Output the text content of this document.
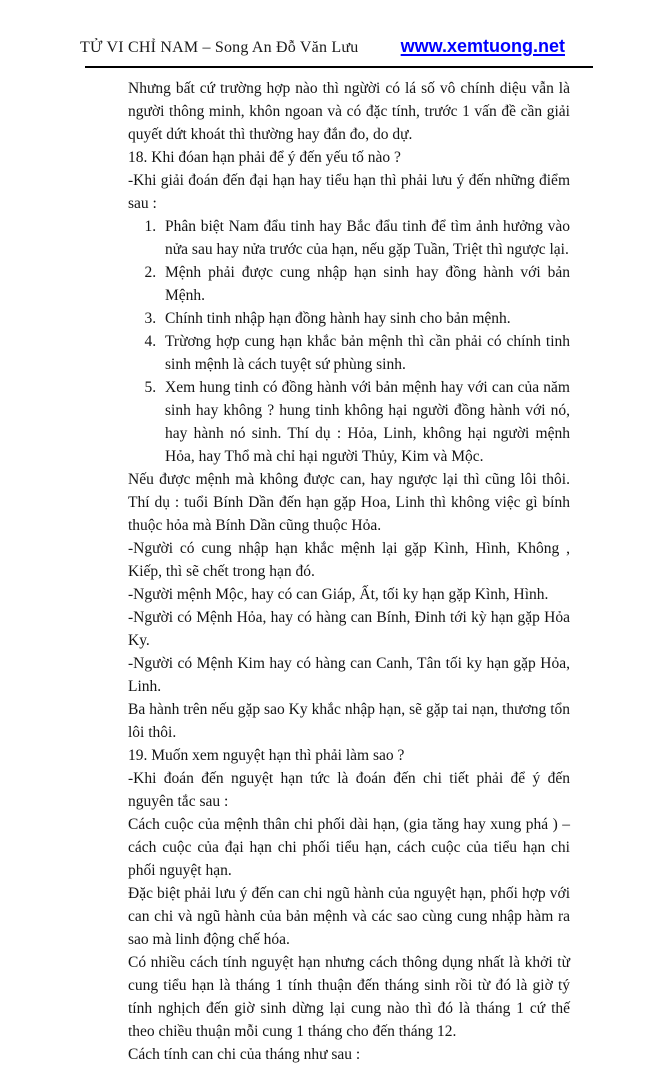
TỬ VI CHỈ NAM – Song An Đỗ Văn Lưu www.xemtuong.net

Nhưng bất cứ trường hợp nào thì ngừời có lá số vô chính diệu vẫn là người thông minh, khôn ngoan và có đặc tính, trước 1 vấn đề cần giải quyết dứt khoát thì thường hay đắn đo, do dự.

18. Khi đóan hạn phải để ý đến yếu tố nào ?

-Khi giải đoán đến đại hạn hay tiểu hạn thì phải lưu ý đến những điểm sau :

1. Phân biệt Nam đẩu tinh hay Bắc đẩu tinh để tìm ảnh hưởng vào nửa sau hay nửa trước của hạn, nếu gặp Tuần, Triệt thì ngược lại.
2. Mệnh phải được cung nhập hạn sinh hay đồng hành với bản Mệnh.
3. Chính tinh nhập hạn đồng hành hay sinh cho bản mệnh.
4. Trừơng hợp cung hạn khắc bản mệnh thì cần phải có chính tinh sinh mệnh là cách tuyệt sứ phùng sinh.
5. Xem hung tinh có đồng hành với bản mệnh hay với can của năm sinh hay không ? hung tinh không hại người đồng hành với nó, hay hành nó sinh. Thí dụ : Hỏa, Linh, không hại người mệnh Hỏa, hay Thổ mà chỉ hại người Thủy, Kim và Mộc.

Nếu được mệnh mà không được can, hay ngược lại thì cũng lôi thôi. Thí dụ : tuổi Bính Dần đến hạn gặp Hoa, Linh thì không việc gì bính thuộc hỏa mà Bính Dần cũng thuộc Hỏa.

-Người có cung nhập hạn khắc mệnh lại gặp Kình, Hình, Không , Kiếp, thì sẽ chết trong hạn đó.

-Người mệnh Mộc, hay có can Giáp, Ất, tối ky hạn gặp Kình, Hình.

-Người có Mệnh Hỏa, hay có hàng can Bính, Đinh tới kỳ hạn gặp Hỏa Ky.

-Người có Mệnh Kim hay có hàng can Canh, Tân tối ky hạn gặp Hỏa, Linh.

Ba hành trên nếu gặp sao Ky khắc nhập hạn, sẽ gặp tai nạn, thương tổn lôi thôi.

19. Muốn xem nguyệt hạn thì phải làm sao ?

-Khi đoán đến nguyệt hạn tức là đoán đến chi tiết phải để ý đến nguyên tắc sau :

Cách cuộc của mệnh thân chi phối dài hạn, (gia tăng hay xung phá ) –cách cuộc của đại hạn chi phối tiểu hạn, cách cuộc của tiểu hạn chi phối nguyệt hạn.

Đặc biệt phải lưu ý đến can chi ngũ hành của nguyệt hạn, phối hợp với can chi và ngũ hành của bản mệnh và các sao cùng cung nhập hàm ra sao mà linh động chế hóa.

Có nhiều cách tính nguyệt hạn nhưng cách thông dụng nhất là khởi từ cung tiểu hạn là tháng 1 tính thuận đến tháng sinh rồi từ đó là giờ tý tính nghịch đến giờ sinh dừng lại cung nào thì đó là tháng 1 cứ thế theo chiều thuận mỗi cung 1 tháng cho đến tháng 12.

Cách tính can chi của tháng như sau :
